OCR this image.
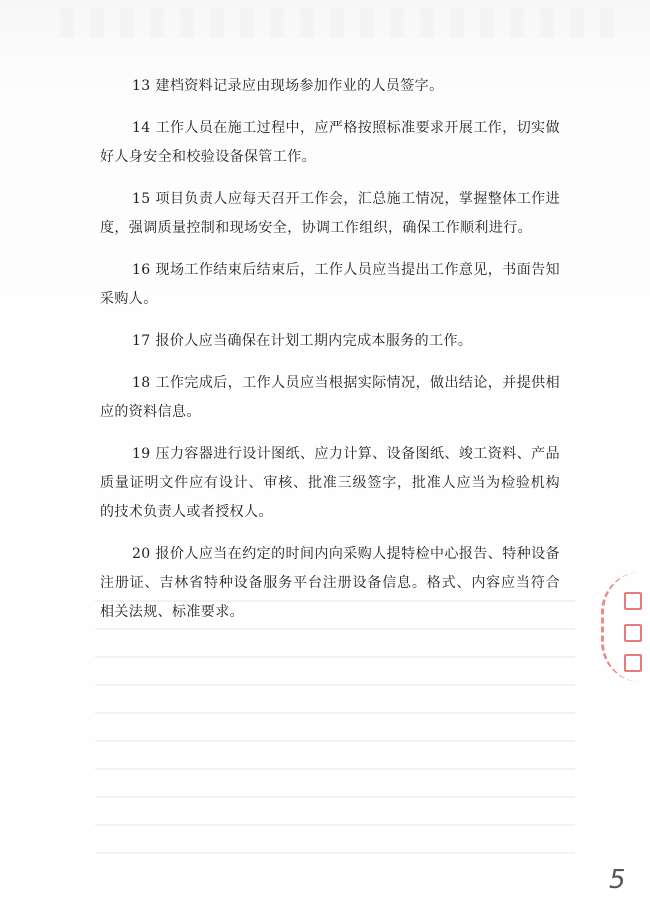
13 建档资料记录应由现场参加作业的人员签字。

14 工作人员在施工过程中，应严格按照标准要求开展工作，切实做好人身安全和校验设备保管工作。

15 项目负责人应每天召开工作会，汇总施工情况，掌握整体工作进度，强调质量控制和现场安全，协调工作组织，确保工作顺利进行。

16 现场工作结束后结束后，工作人员应当提出工作意见，书面告知采购人。

17 报价人应当确保在计划工期内完成本服务的工作。

18 工作完成后，工作人员应当根据实际情况，做出结论，并提供相应的资料信息。

19 压力容器进行设计图纸、应力计算、设备图纸、竣工资料、产品质量证明文件应有设计、审核、批准三级签字，批准人应当为检验机构的技术负责人或者授权人。

20 报价人应当在约定的时间内向采购人提特检中心报告、特种设备注册证、吉林省特种设备服务平台注册设备信息。格式、内容应当符合相关法规、标准要求。

5
